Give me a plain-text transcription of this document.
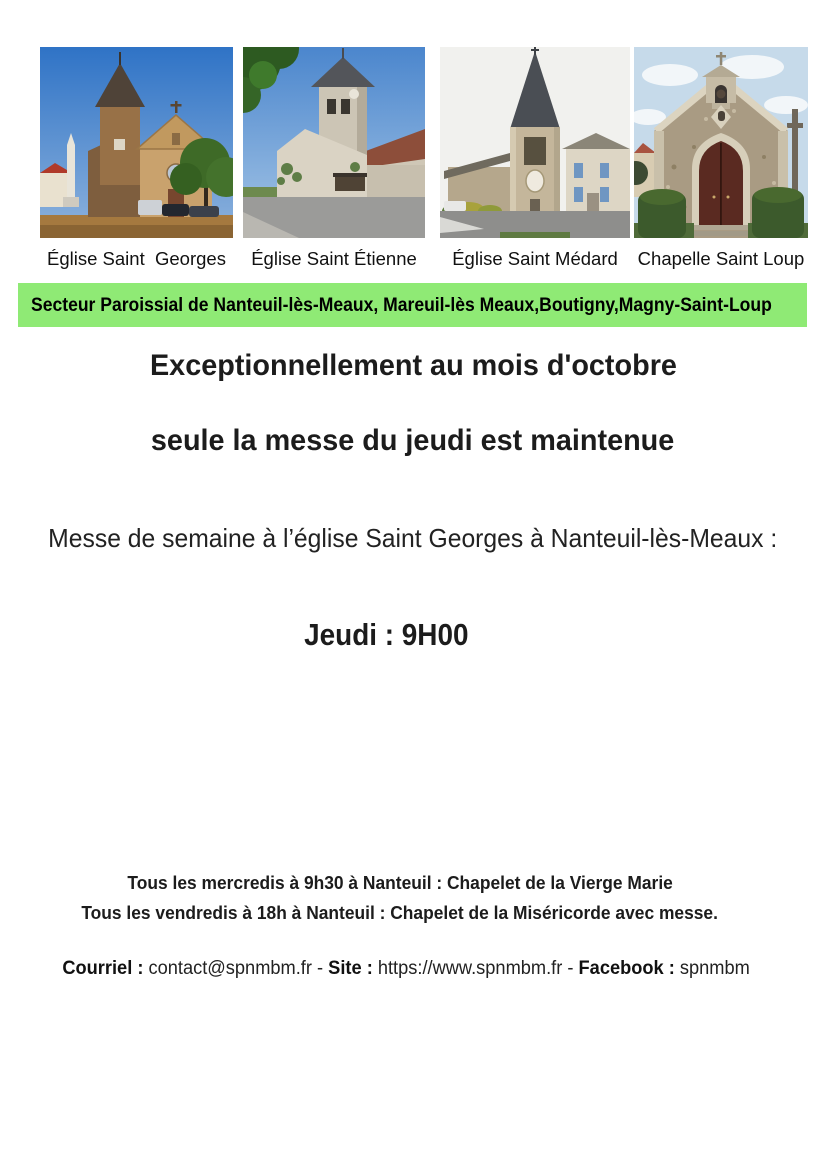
Église Saint  Georges	Église Saint Étienne	Église Saint Médard	Chapelle Saint Loup
Secteur Paroissial de Nanteuil-lès-Meaux, Mareuil-lès Meaux,Boutigny,Magny-Saint-Loup
Exceptionnellement au mois d'octobre
seule la messe du jeudi est maintenue

Messe de semaine à l’église Saint Georges à Nanteuil-lès-Meaux :

Jeudi : 9H00

Tous les mercredis à 9h30 à Nanteuil : Chapelet de la Vierge Marie

Tous les vendredis à 18h à Nanteuil : Chapelet de la Miséricorde avec messe.

Courriel : contact@spnmbm.fr - Site : https://www.spnmbm.fr - Facebook : spnmbm
